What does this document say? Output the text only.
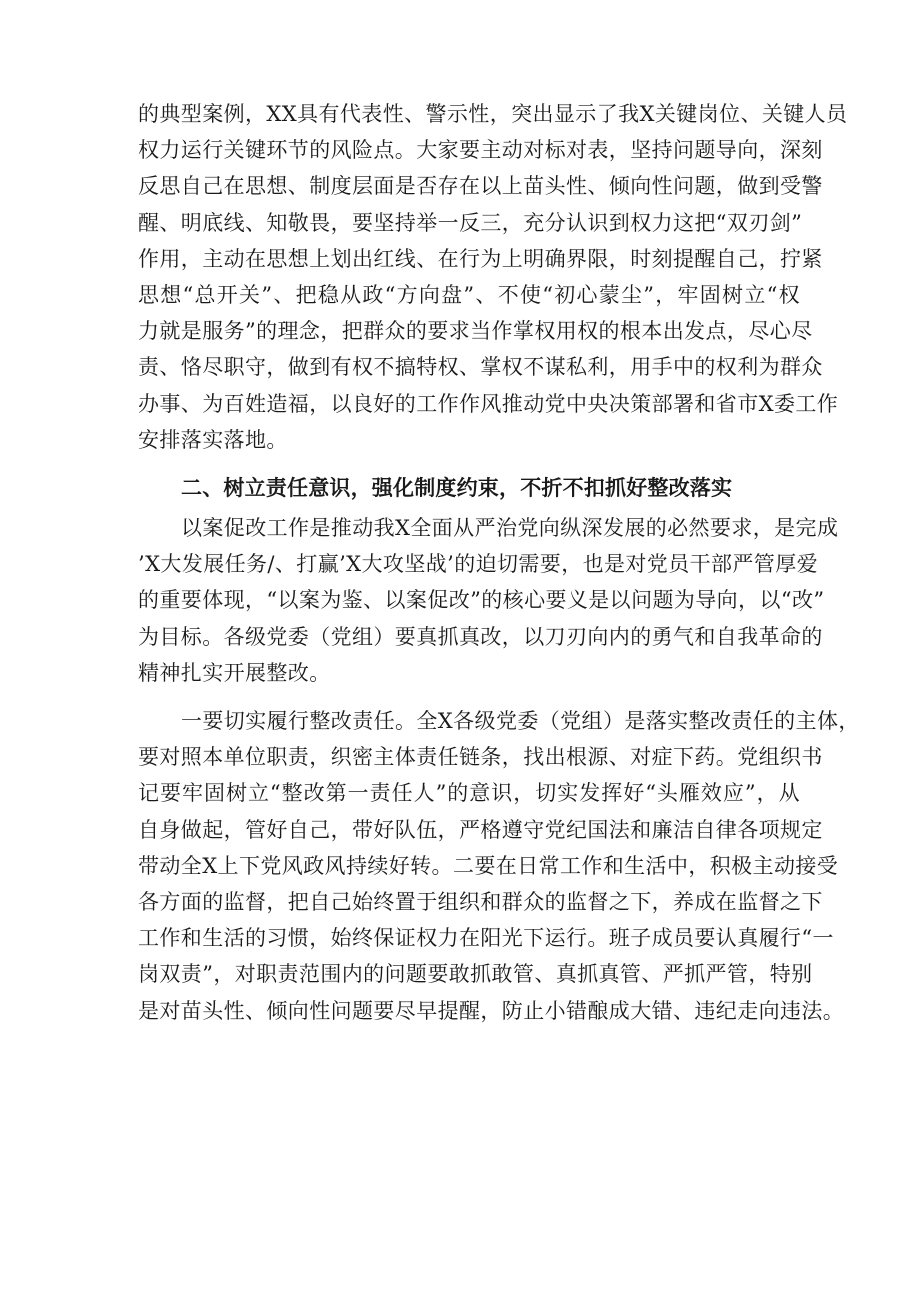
的典型案例，XX具有代表性、警示性，突出显示了我X关键岗位、关键人员
权力运行关键环节的风险点。大家要主动对标对表，坚持问题导向，深刻
反思自己在思想、制度层面是否存在以上苗头性、倾向性问题，做到受警
醒、明底线、知敬畏，要坚持举一反三，充分认识到权力这把“双刃剑”
作用，主动在思想上划出红线、在行为上明确界限，时刻提醒自己，拧紧
思想“总开关”、把稳从政“方向盘”、不使“初心蒙尘”，牢固树立“权
力就是服务”的理念，把群众的要求当作掌权用权的根本出发点，尽心尽
责、恪尽职守，做到有权不搞特权、掌权不谋私利，用手中的权利为群众
办事、为百姓造福，以良好的工作作风推动党中央决策部署和省市X委工作
安排落实落地。
二、树立责任意识，强化制度约束，不折不扣抓好整改落实
以案促改工作是推动我X全面从严治党向纵深发展的必然要求，是完成
’X大发展任务/、打赢’X大攻坚战’的迫切需要，也是对党员干部严管厚爱
的重要体现，“以案为鉴、以案促改”的核心要义是以问题为导向，以“改”
为目标。各级党委（党组）要真抓真改，以刀刃向内的勇气和自我革命的
精神扎实开展整改。
一要切实履行整改责任。全X各级党委（党组）是落实整改责任的主体，
要对照本单位职责，织密主体责任链条，找出根源、对症下药。党组织书
记要牢固树立“整改第一责任人”的意识，切实发挥好“头雁效应”，从
自身做起，管好自己，带好队伍，严格遵守党纪国法和廉洁自律各项规定
带动全X上下党风政风持续好转。二要在日常工作和生活中，积极主动接受
各方面的监督，把自己始终置于组织和群众的监督之下，养成在监督之下
工作和生活的习惯，始终保证权力在阳光下运行。班子成员要认真履行“一
岗双责”，对职责范围内的问题要敢抓敢管、真抓真管、严抓严管，特别
是对苗头性、倾向性问题要尽早提醒，防止小错酿成大错、违纪走向违法。
